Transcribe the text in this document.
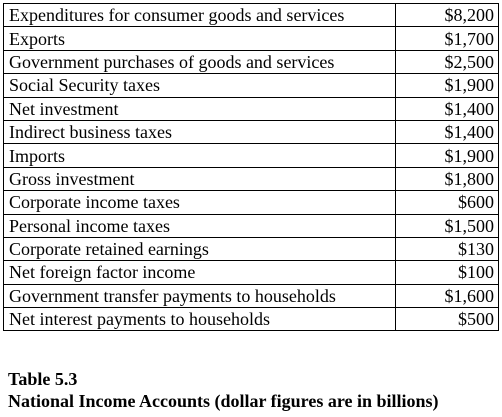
Expenditures for consumer goods and services	$8,200
Exports	$1,700
Government purchases of goods and services	$2,500
Social Security taxes	$1,900
Net investment	$1,400
Indirect business taxes	$1,400
Imports	$1,900
Gross investment	$1,800
Corporate income taxes	$600
Personal income taxes	$1,500
Corporate retained earnings	$130
Net foreign factor income	$100
Government transfer payments to households	$1,600
Net interest payments to households	$500
Table 5.3
National Income Accounts (dollar figures are in billions)
